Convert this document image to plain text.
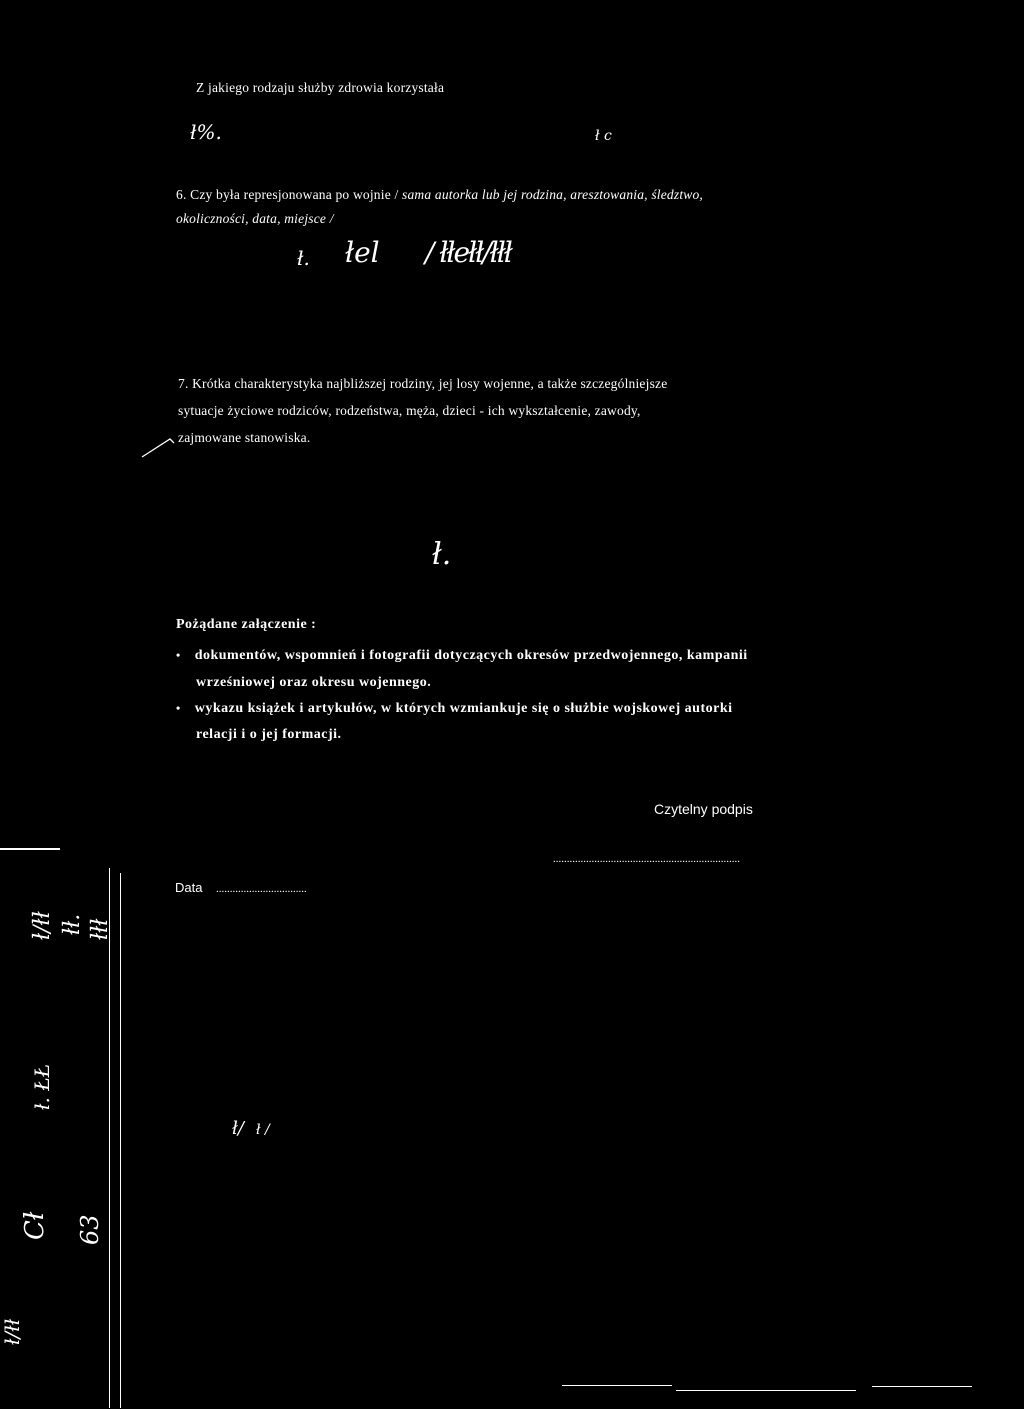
Z jakiego rodzaju służby zdrowia korzystała
ł%.	ł c
6. Czy była represjonowana po wojnie / sama autorka lub jej rodzina, aresztowania, śledztwo, okoliczności, data, miejsce /
ł. łel / łłełł/łłł
7. Krótka charakterystyka najbliższej rodziny, jej losy wojenne, a także szczególniejsze
sytuacje życiowe rodziców, rodzeństwa, męża, dzieci - ich wykształcenie, zawody,
zajmowane stanowiska.
ł.
Pożądane załączenie :
• dokumentów, wspomnień i fotografii dotyczących okresów przedwojennego, kampanii
wrześniowej oraz okresu wojennego.
• wykazu książek i artykułów, w których wzmiankuje się o służbie wojskowej autorki
relacji i o jej formacji.
Czytelny podpis
....................................................................
Data .................................
ł/łł łł. łłł
ł. ŁŁ
Cł
ł/łł
63
ł/ ł /
